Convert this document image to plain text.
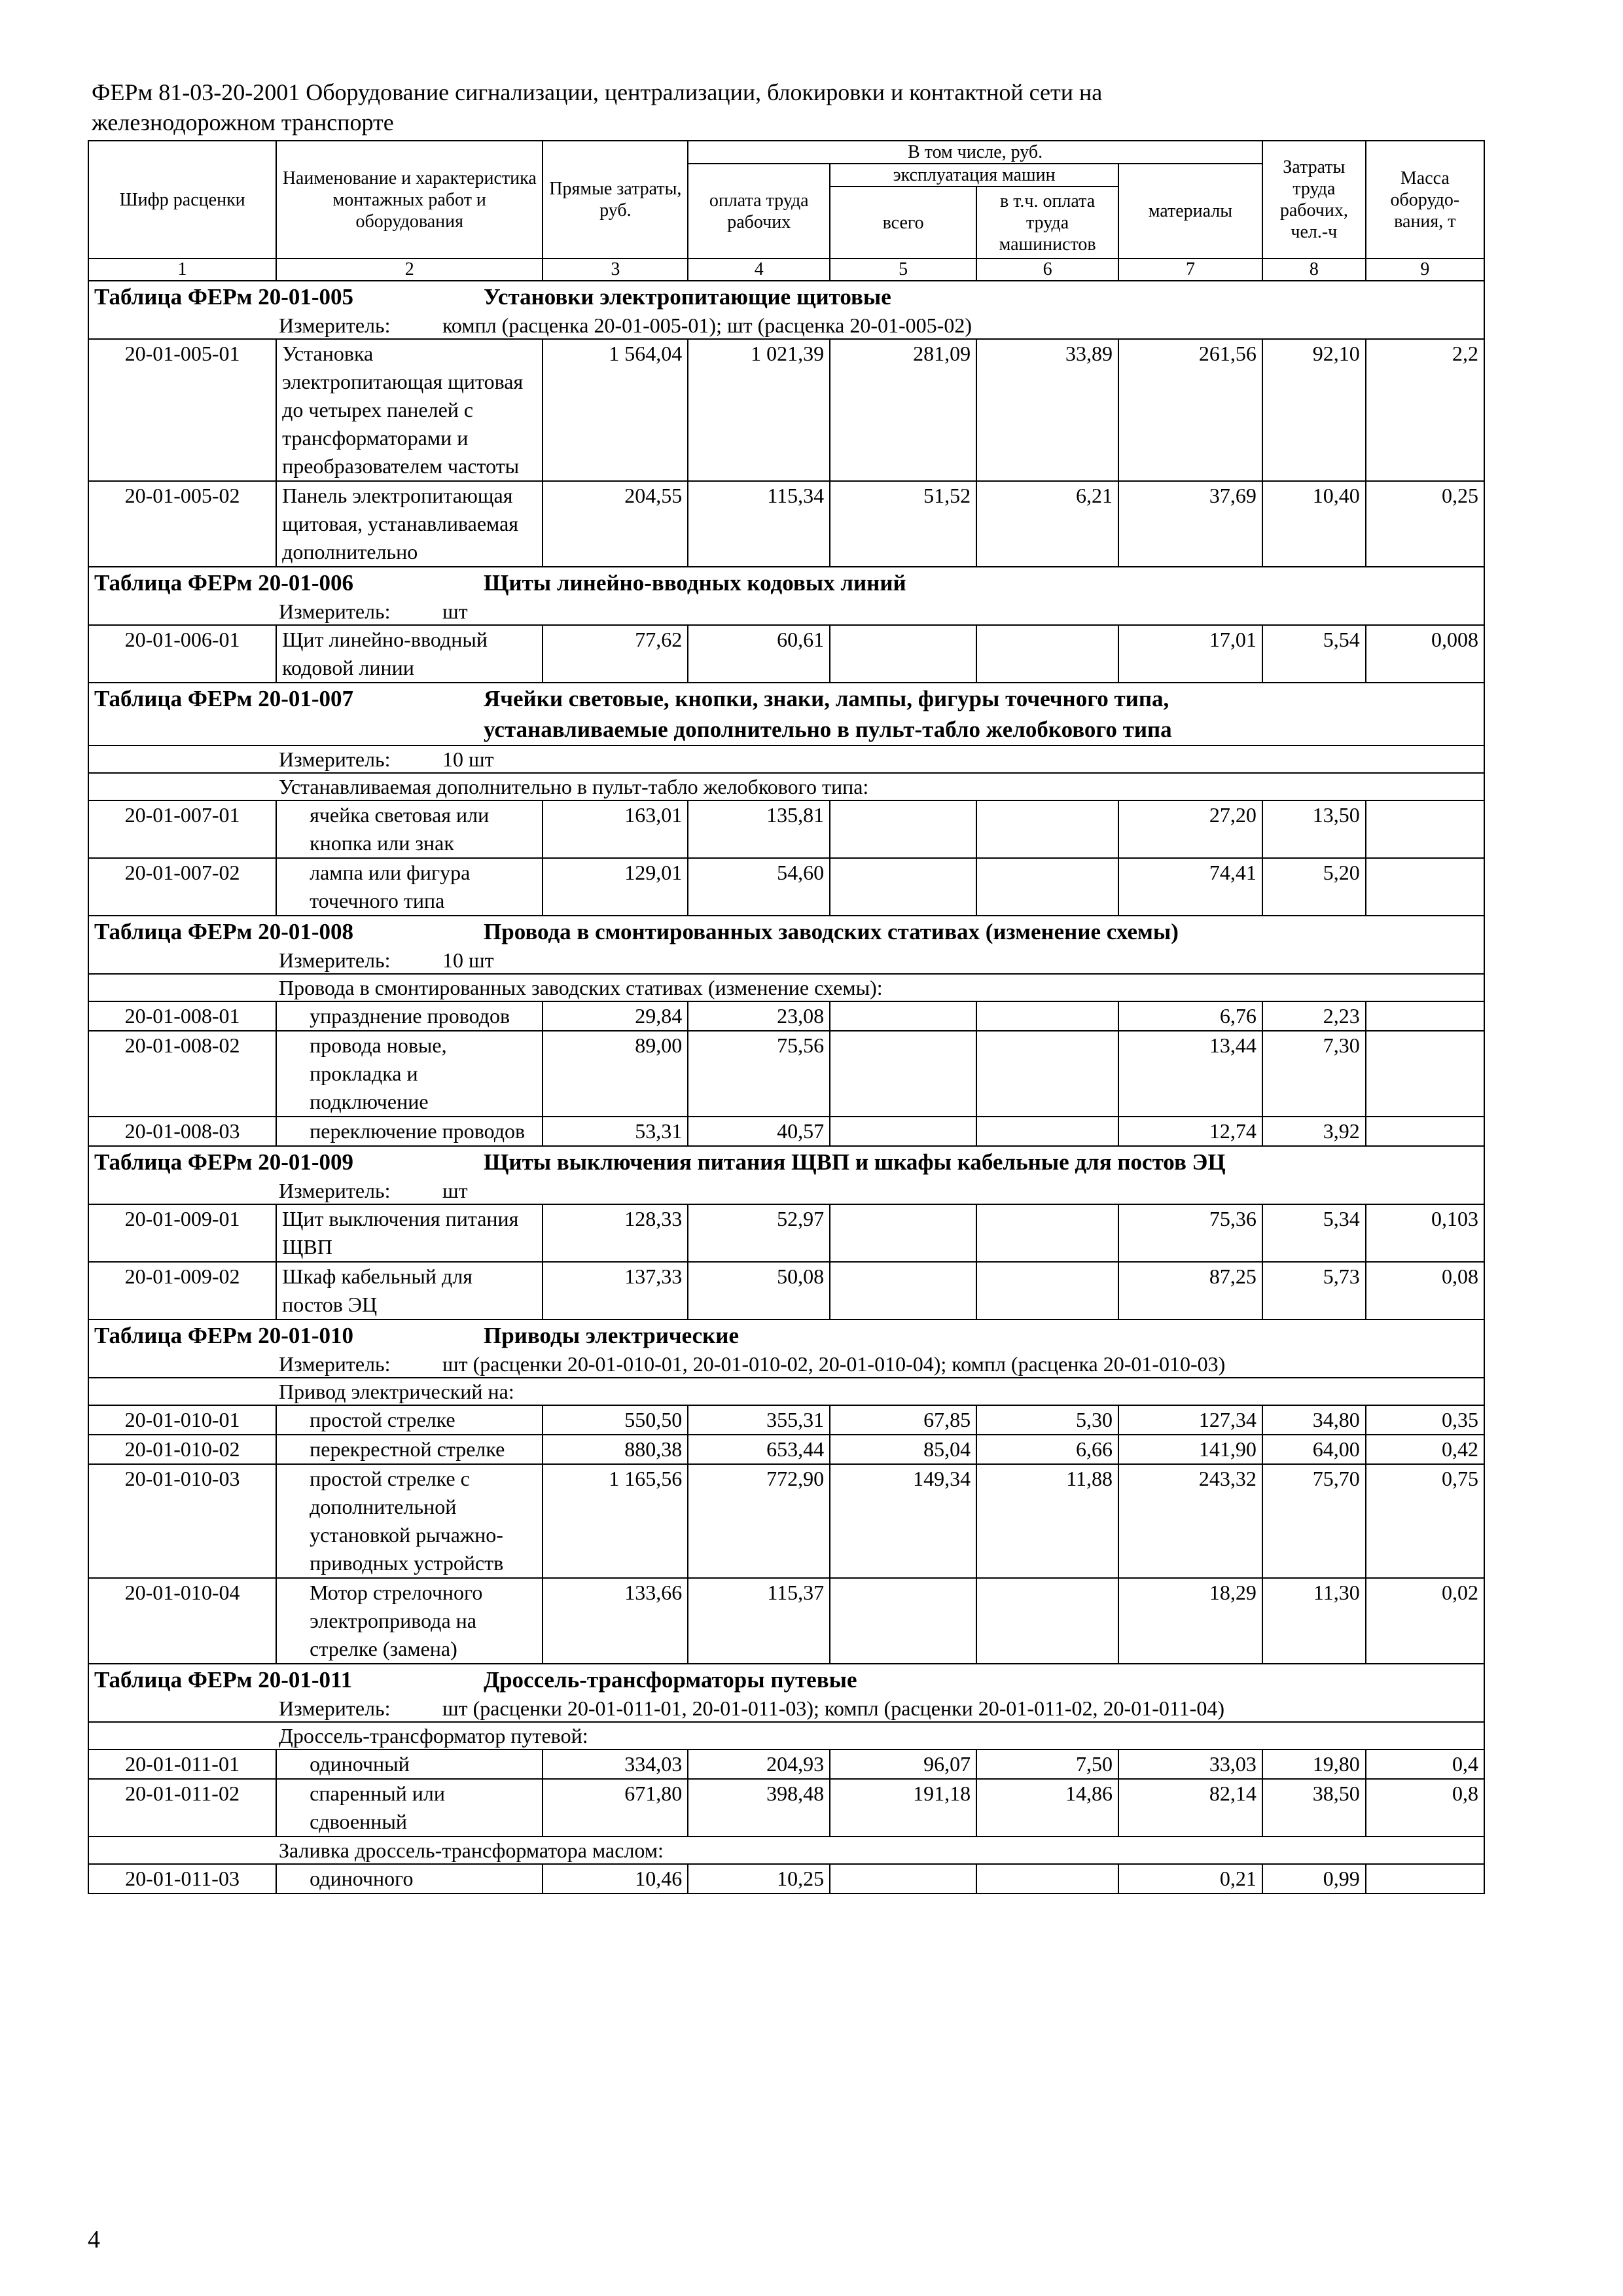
ФЕРм 81-03-20-2001 Оборудование сигнализации, централизации, блокировки и контактной сети на
железнодорожном транспорте
Шифр расценки	Наименование и характеристика монтажных работ и оборудования	Прямые затраты, руб.	В том числе, руб.				Затраты труда рабочих, чел.-ч	Масса оборудо-вания, т
			оплата труда рабочих	эксплуатация машин		материалы		
				всего	в т.ч. оплата труда машинистов			
1	2	3	4	5	6	7	8	9
Таблица ФЕРм 20-01-005 Установки электропитающие щитовые								
Измеритель: компл (расценка 20-01-005-01); шт (расценка 20-01-005-02)								
20-01-005-01	Установка электропитающая щитовая до четырех панелей с трансформаторами и преобразователем частоты	1 564,04	1 021,39	281,09	33,89	261,56	92,10	2,2
20-01-005-02	Панель электропитающая щитовая, устанавливаемая дополнительно	204,55	115,34	51,52	6,21	37,69	10,40	0,25
Таблица ФЕРм 20-01-006 Щиты линейно-вводных кодовых линий								
Измеритель: шт								
20-01-006-01	Щит линейно-вводный кодовой линии	77,62	60,61			17,01	5,54	0,008
Таблица ФЕРм 20-01-007 Ячейки световые, кнопки, знаки, лампы, фигуры точечного типа,								
устанавливаемые дополнительно в пульт-табло желобкового типа								
Измеритель: 10 шт								
Устанавливаемая дополнительно в пульт-табло желобкового типа:								
20-01-007-01	ячейка световая или кнопка или знак	163,01	135,81			27,20	13,50	
20-01-007-02	лампа или фигура точечного типа	129,01	54,60			74,41	5,20	
Таблица ФЕРм 20-01-008 Провода в смонтированных заводских стативах (изменение схемы)								
Измеритель: 10 шт								
Провода в смонтированных заводских стативах (изменение схемы):								
20-01-008-01	упразднение проводов	29,84	23,08			6,76	2,23	
20-01-008-02	провода новые, прокладка и подключение	89,00	75,56			13,44	7,30	
20-01-008-03	переключение проводов	53,31	40,57			12,74	3,92	
Таблица ФЕРм 20-01-009 Щиты выключения питания ЩВП и шкафы кабельные для постов ЭЦ								
Измеритель: шт								
20-01-009-01	Щит выключения питания ЩВП	128,33	52,97			75,36	5,34	0,103
20-01-009-02	Шкаф кабельный для постов ЭЦ	137,33	50,08			87,25	5,73	0,08
Таблица ФЕРм 20-01-010 Приводы электрические								
Измеритель: шт (расценки 20-01-010-01, 20-01-010-02, 20-01-010-04); компл (расценка 20-01-010-03)								
Привод электрический на:								
20-01-010-01	простой стрелке	550,50	355,31	67,85	5,30	127,34	34,80	0,35
20-01-010-02	перекрестной стрелке	880,38	653,44	85,04	6,66	141,90	64,00	0,42
20-01-010-03	простой стрелке с дополнительной установкой рычажно-приводных устройств	1 165,56	772,90	149,34	11,88	243,32	75,70	0,75
20-01-010-04	Мотор стрелочного электропривода на стрелке (замена)	133,66	115,37			18,29	11,30	0,02
Таблица ФЕРм 20-01-011 Дроссель-трансформаторы путевые								
Измеритель: шт (расценки 20-01-011-01, 20-01-011-03); компл (расценки 20-01-011-02, 20-01-011-04)								
Дроссель-трансформатор путевой:								
20-01-011-01	одиночный	334,03	204,93	96,07	7,50	33,03	19,80	0,4
20-01-011-02	спаренный или сдвоенный	671,80	398,48	191,18	14,86	82,14	38,50	0,8
Заливка дроссель-трансформатора маслом:								
20-01-011-03	одиночного	10,46	10,25			0,21	0,99	
4
